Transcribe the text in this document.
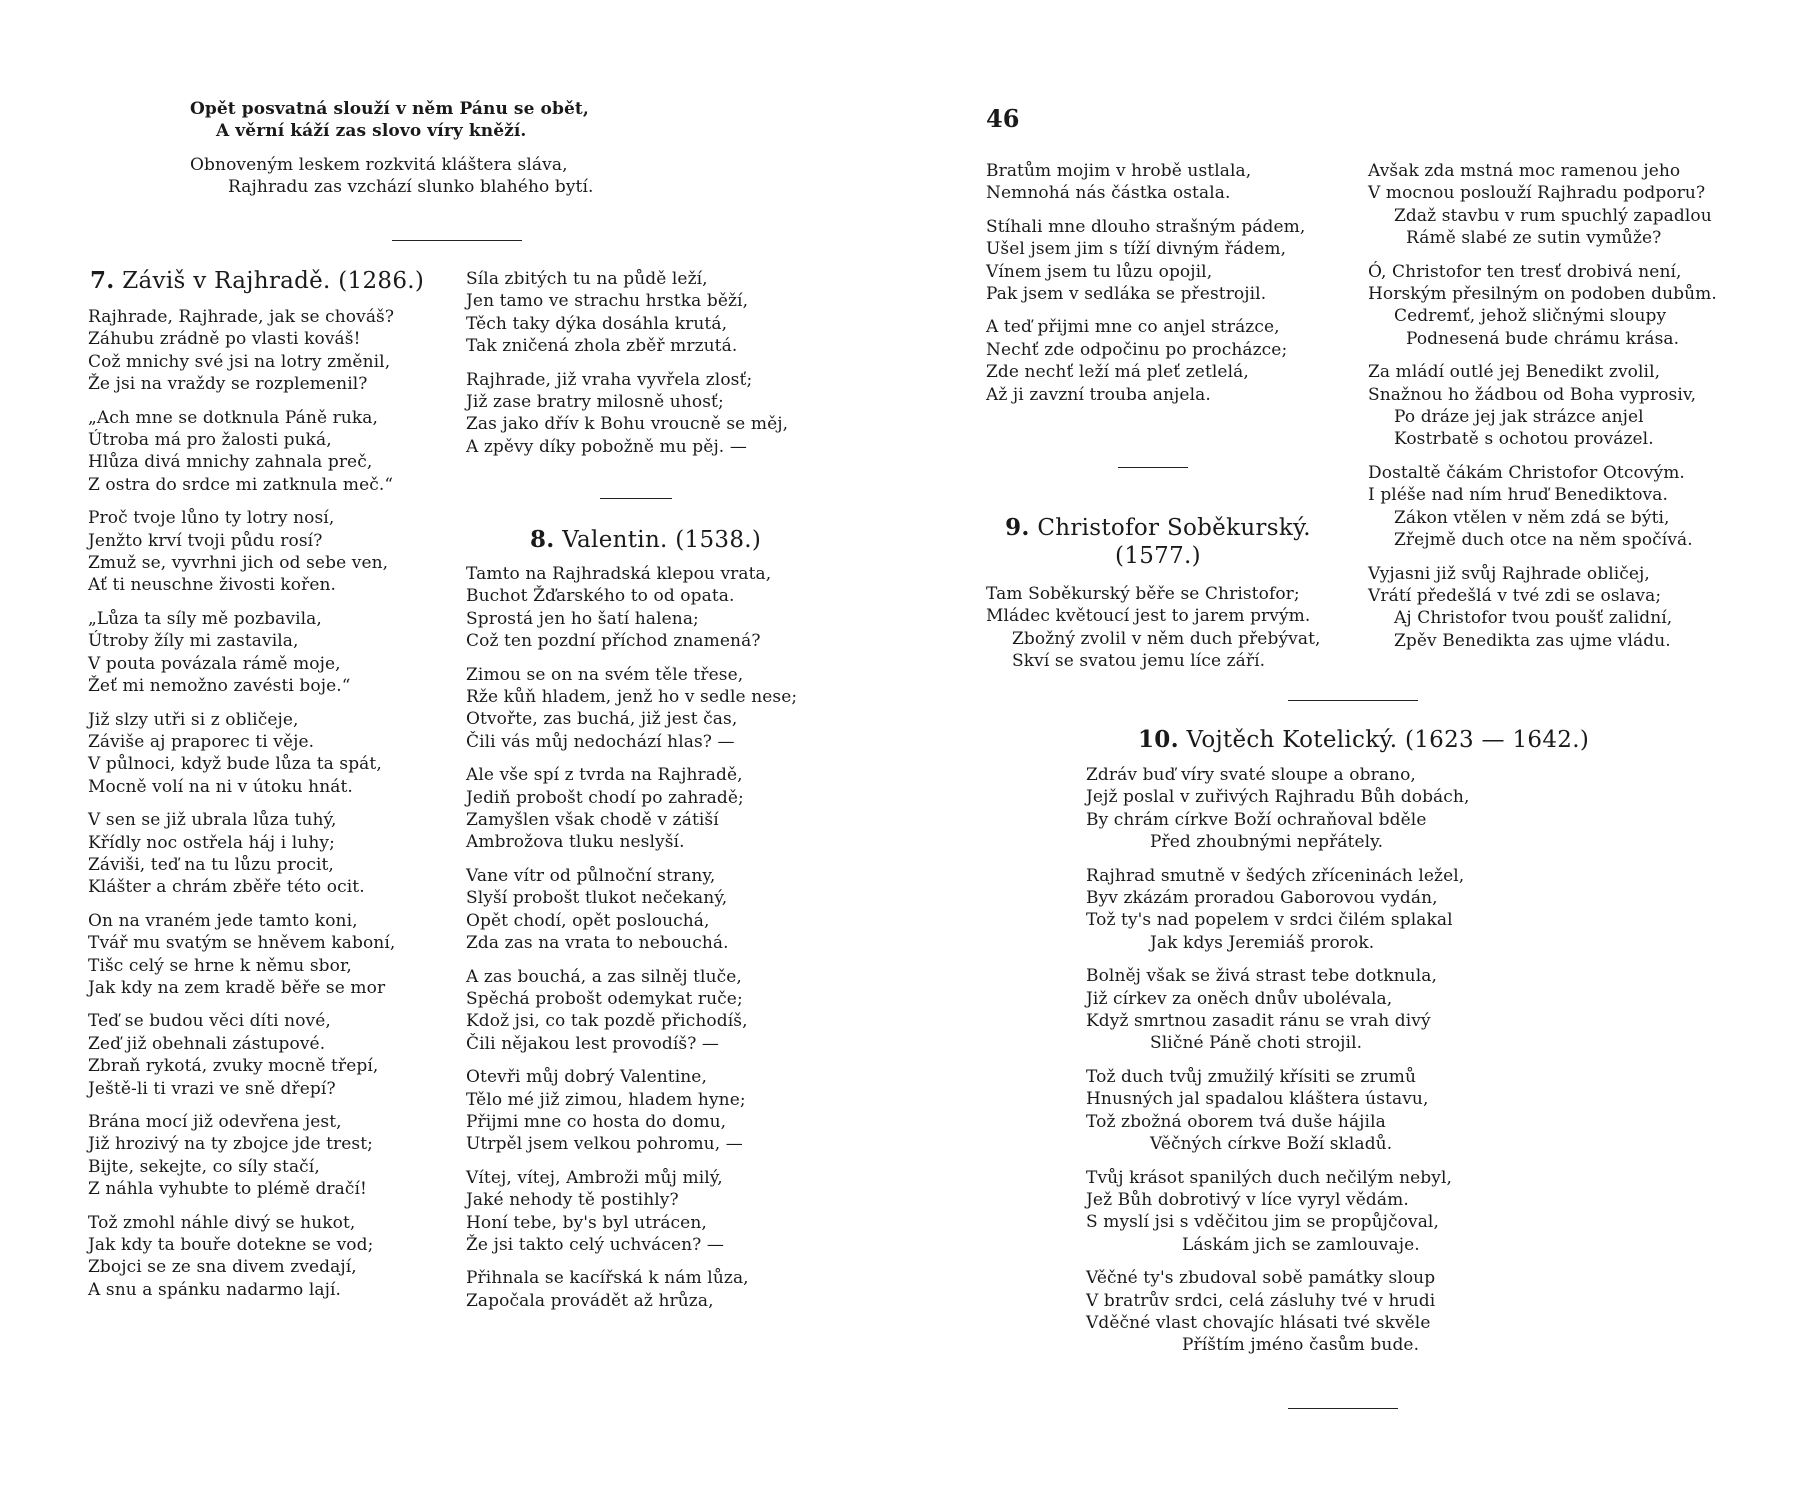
Opět posvatná slouží v něm Pánu se obět,
A věrní káží zas slovo víry kněží.
Obnoveným leskem rozkvitá kláštera sláva,
Rajhradu zas vzchází slunko blahého bytí.
7. Záviš v Rajhradě. (1286.)
Rajhrade, Rajhrade, jak se chováš?
Záhubu zrádně po vlasti kováš!
Což mnichy své jsi na lotry změnil,
Že jsi na vraždy se rozplemenil?
„Ach mne se dotknula Páně ruka,
Útroba má pro žalosti puká,
Hlůza divá mnichy zahnala preč,
Z ostra do srdce mi zatknula meč.“
Proč tvoje lůno ty lotry nosí,
Jenžto krví tvoji půdu rosí?
Zmuž se, vyvrhni jich od sebe ven,
Ať ti neuschne živosti kořen.
„Lůza ta síly mě pozbavila,
Útroby žíly mi zastavila,
V pouta povázala rámě moje,
Žeť mi nemožno zavésti boje.“
Již slzy utři si z obličeje,
Záviše aj praporec ti věje.
V půlnoci, když bude lůza ta spát,
Mocně volí na ni v útoku hnát.
V sen se již ubrala lůza tuhý,
Křídly noc ostřela háj i luhy;
Záviši, teď na tu lůzu procit,
Klášter a chrám zběře této ocit.
On na vraném jede tamto koni,
Tvář mu svatým se hněvem kaboní,
Tišc celý se hrne k němu sbor,
Jak kdy na zem kradě běře se mor
Teď se budou věci díti nové,
Zeď již obehnali zástupové.
Zbraň rykotá, zvuky mocně třepí,
Ještě-li ti vrazi ve sně dřepí?
Brána mocí již odevřena jest,
Již hrozivý na ty zbojce jde trest;
Bijte, sekejte, co síly stačí,
Z náhla vyhubte to plémě dračí!
Tož zmohl náhle divý se hukot,
Jak kdy ta bouře dotekne se vod;
Zbojci se ze sna divem zvedají,
A snu a spánku nadarmo lají.
Síla zbitých tu na půdě leží,
Jen tamo ve strachu hrstka běží,
Těch taky dýka dosáhla krutá,
Tak zničená zhola zběř mrzutá.
Rajhrade, již vraha vyvřela zlosť;
Již zase bratry milosně uhosť;
Zas jako dřív k Bohu vroucně se měj,
A zpěvy díky pobožně mu pěj. —
8. Valentin. (1538.)
Tamto na Rajhradská klepou vrata,
Buchot Žďarského to od opata.
Sprostá jen ho šatí halena;
Což ten pozdní příchod znamená?
Zimou se on na svém těle třese,
Rže kůň hladem, jenž ho v sedle nese;
Otvořte, zas buchá, již jest čas,
Čili vás můj nedochází hlas? —
Ale vše spí z tvrda na Rajhradě,
Jediň probošt chodí po zahradě;
Zamyšlen však chodě v zátiší
Ambrožova tluku neslyší.
Vane vítr od půlnoční strany,
Slyší probošt tlukot nečekaný,
Opět chodí, opět poslouchá,
Zda zas na vrata to nebouchá.
A zas bouchá, a zas silněj tluče,
Spěchá probošt odemykat ruče;
Kdož jsi, co tak pozdě přichodíš,
Čili nějakou lest provodíš? —
Otevři můj dobrý Valentine,
Tělo mé již zimou, hladem hyne;
Přijmi mne co hosta do domu,
Utrpěl jsem velkou pohromu, —
Vítej, vítej, Ambroži můj milý,
Jaké nehody tě postihly?
Honí tebe, by's byl utrácen,
Že jsi takto celý uchvácen? —
Přihnala se kacířská k nám lůza,
Započala provádět až hrůza,
46
Bratům mojim v hrobě ustlala,
Nemnohá nás částka ostala.
Stíhali mne dlouho strašným pádem,
Ušel jsem jim s tíží divným řádem,
Vínem jsem tu lůzu opojil,
Pak jsem v sedláka se přestrojil.
A teď přijmi mne co anjel strázce,
Nechť zde odpočinu po procházce;
Zde nechť leží má pleť zetlelá,
Až ji zavzní trouba anjela.
9. Christofor Soběkurský.
(1577.)
Tam Soběkurský běře se Christofor;
Mládec květoucí jest to jarem prvým.
Zbožný zvolil v něm duch přebývat,
Skví se svatou jemu líce září.
Avšak zda mstná moc ramenou jeho
V mocnou poslouží Rajhradu podporu?
Zdaž stavbu v rum spuchlý zapadlou
Rámě slabé ze sutin vymůže?
Ó, Christofor ten tresť drobivá není,
Horským přesilným on podoben dubům.
Cedremť, jehož sličnými sloupy
Podnesená bude chrámu krása.
Za mládí outlé jej Benedikt zvolil,
Snažnou ho žádbou od Boha vyprosiv,
Po dráze jej jak strázce anjel
Kostrbatě s ochotou provázel.
Dostaltě čákám Christofor Otcovým.
I pléše nad ním hruď Benediktova.
Zákon vtělen v něm zdá se býti,
Zřejmě duch otce na něm spočívá.
Vyjasni již svůj Rajhrade obličej,
Vrátí předešlá v tvé zdi se oslava;
Aj Christofor tvou poušť zalidní,
Zpěv Benedikta zas ujme vládu.
10. Vojtěch Kotelický. (1623 — 1642.)
Zdráv buď víry svaté sloupe a obrano,
Jejž poslal v zuřivých Rajhradu Bůh dobách,
By chrám církve Boží ochraňoval bděle
Před zhoubnými nepřátely.
Rajhrad smutně v šedých zříceninách ležel,
Byv zkázám proradou Gaborovou vydán,
Tož ty's nad popelem v srdci čilém splakal
Jak kdys Jeremiáš prorok.
Bolněj však se živá strast tebe dotknula,
Již církev za oněch dnův ubolévala,
Když smrtnou zasadit ránu se vrah divý
Sličné Páně choti strojil.
Tož duch tvůj zmužilý křísiti se zrumů
Hnusných jal spadalou kláštera ústavu,
Tož zbožná oborem tvá duše hájila
Věčných církve Boží skladů.
Tvůj krásot spanilých duch nečilým nebyl,
Jež Bůh dobrotivý v líce vyryl vědám.
S myslí jsi s vděčitou jim se propůjčoval,
Láskám jich se zamlouvaje.
Věčné ty's zbudoval sobě památky sloup
V bratrův srdci, celá zásluhy tvé v hrudi
Vděčné vlast chovajíc hlásati tvé skvěle
Příštím jméno časům bude.
